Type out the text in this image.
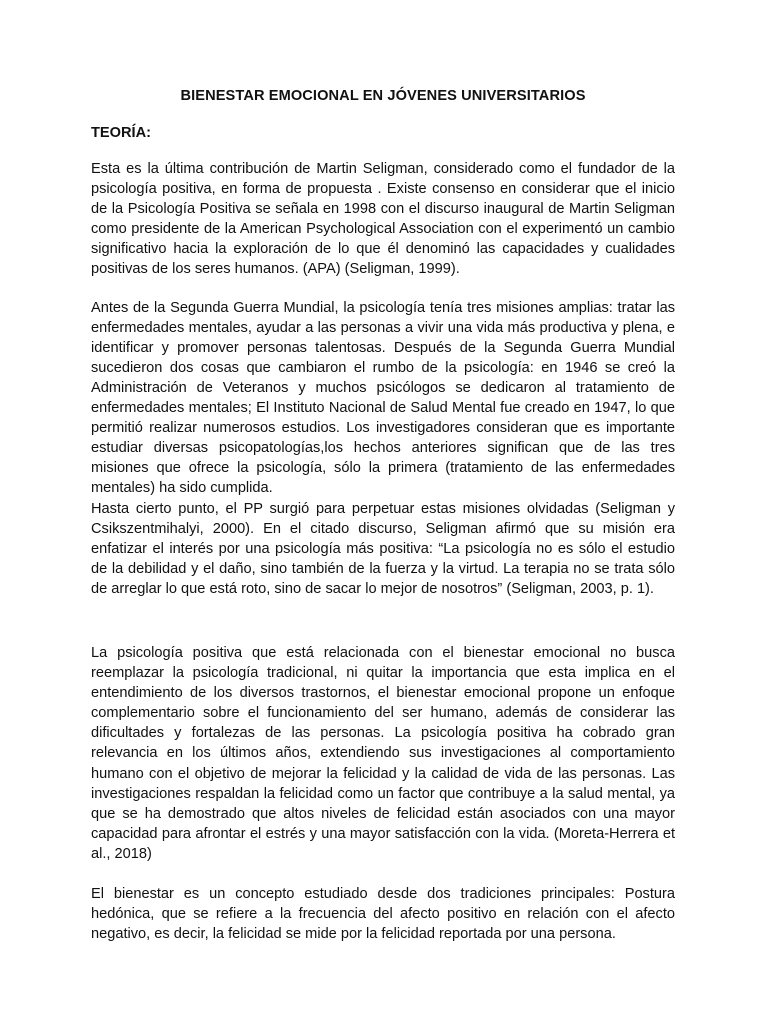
BIENESTAR EMOCIONAL EN JÓVENES UNIVERSITARIOS
TEORÍA:

Esta es la última contribución de Martin Seligman, considerado como el fundador de la psicología positiva, en forma de propuesta . Existe consenso en considerar que el inicio de la Psicología Positiva se señala en 1998 con el discurso inaugural de Martin Seligman como presidente de la American Psychological Association con el experimentó un cambio significativo hacia la exploración de lo que él denominó las capacidades y cualidades positivas de los seres humanos. (APA) (Seligman, 1999).

Antes de la Segunda Guerra Mundial, la psicología tenía tres misiones amplias: tratar las enfermedades mentales, ayudar a las personas a vivir una vida más productiva y plena, e identificar y promover personas talentosas. Después de la Segunda Guerra Mundial sucedieron dos cosas que cambiaron el rumbo de la psicología: en 1946 se creó la Administración de Veteranos y muchos psicólogos se dedicaron al tratamiento de enfermedades mentales; El Instituto Nacional de Salud Mental fue creado en 1947, lo que permitió realizar numerosos estudios. Los investigadores consideran que es importante estudiar diversas psicopatologías,los hechos anteriores significan que de las tres misiones que ofrece la psicología, sólo la primera (tratamiento de las enfermedades mentales) ha sido cumplida.

Hasta cierto punto, el PP surgió para perpetuar estas misiones olvidadas (Seligman y Csikszentmihalyi, 2000). En el citado discurso, Seligman afirmó que su misión era enfatizar el interés por una psicología más positiva: “La psicología no es sólo el estudio de la debilidad y el daño, sino también de la fuerza y la virtud. La terapia no se trata sólo de arreglar lo que está roto, sino de sacar lo mejor de nosotros” (Seligman, 2003, p. 1).

La psicología positiva que está relacionada con el bienestar emocional no busca reemplazar la psicología tradicional, ni quitar la importancia que esta implica en el entendimiento de los diversos trastornos, el bienestar emocional propone un enfoque complementario sobre el funcionamiento del ser humano, además de considerar las dificultades y fortalezas de las personas. La psicología positiva ha cobrado gran relevancia en los últimos años, extendiendo sus investigaciones al comportamiento humano con el objetivo de mejorar la felicidad y la calidad de vida de las personas. Las investigaciones respaldan la felicidad como un factor que contribuye a la salud mental, ya que se ha demostrado que altos niveles de felicidad están asociados con una mayor capacidad para afrontar el estrés y una mayor satisfacción con la vida. (Moreta-Herrera et al., 2018)

El bienestar es un concepto estudiado desde dos tradiciones principales: Postura hedónica, que se refiere a la frecuencia del afecto positivo en relación con el afecto negativo, es decir, la felicidad se mide por la felicidad reportada por una persona.
